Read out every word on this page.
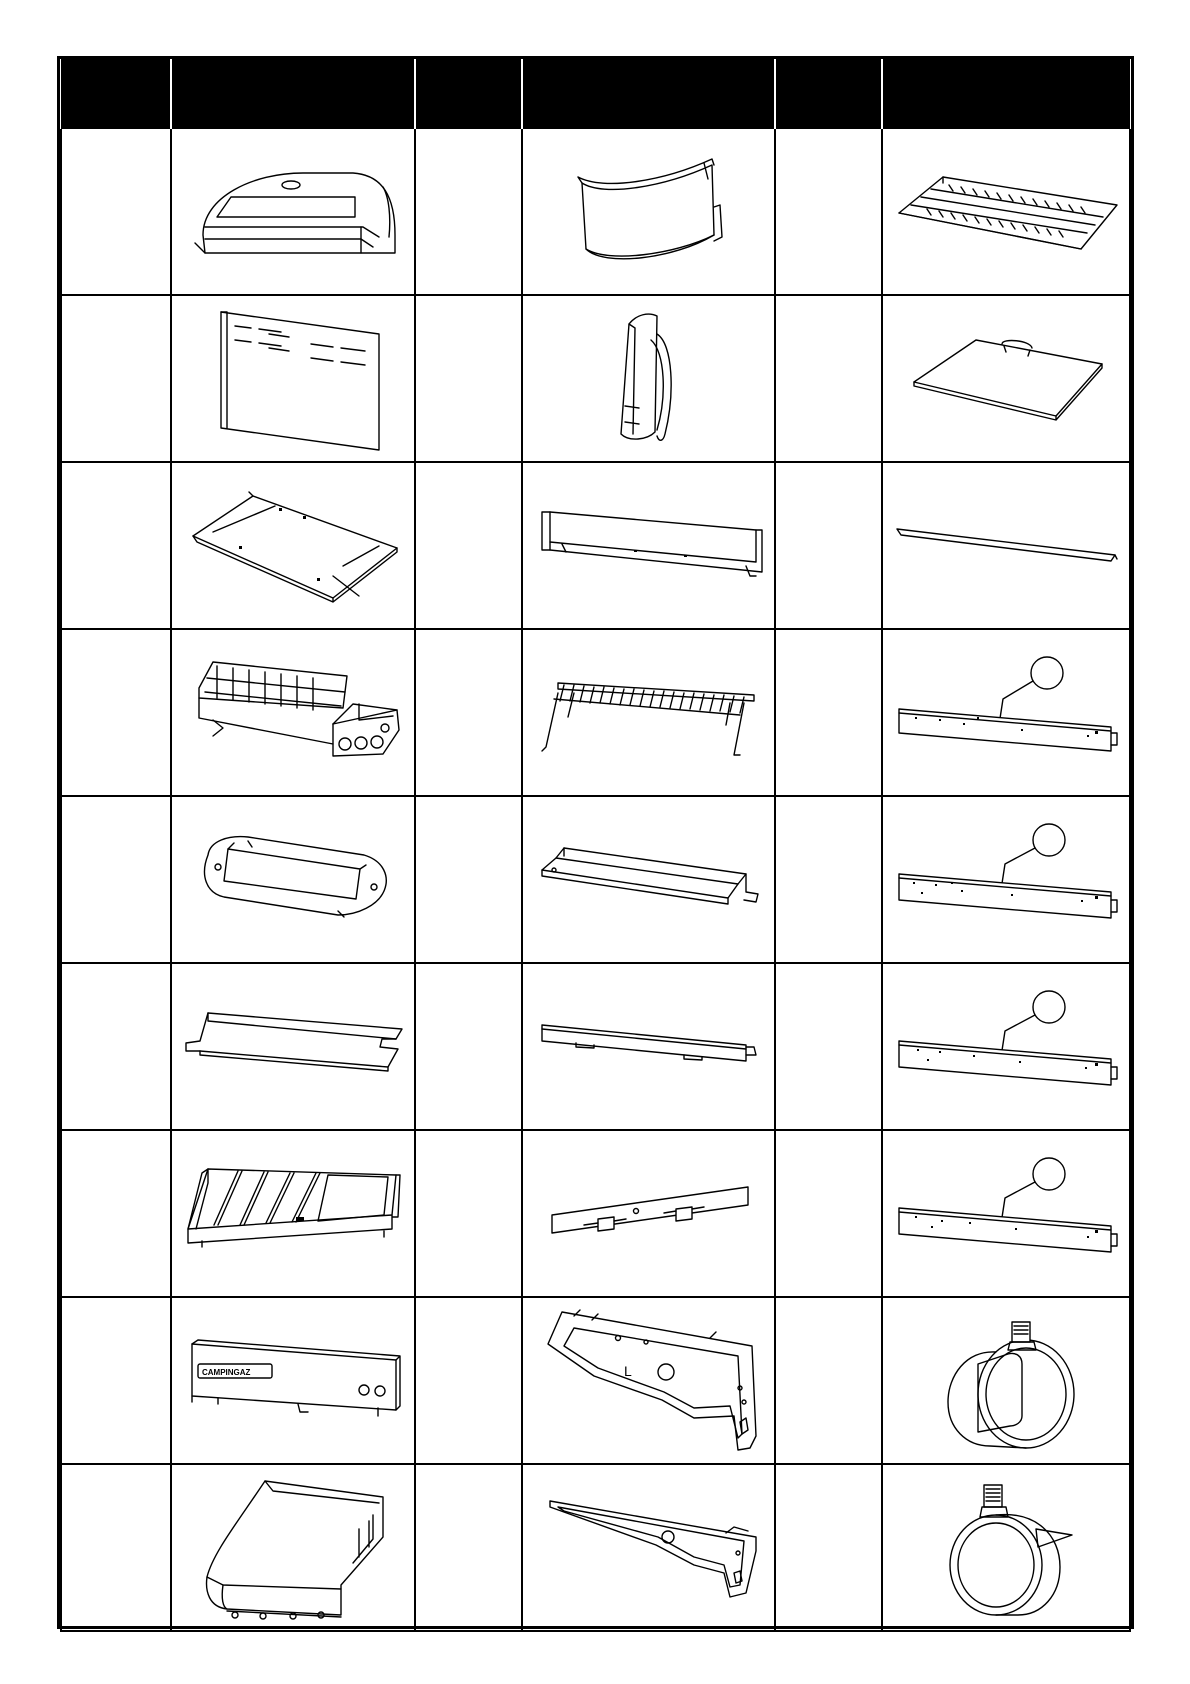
CAMPINGAZ		L
